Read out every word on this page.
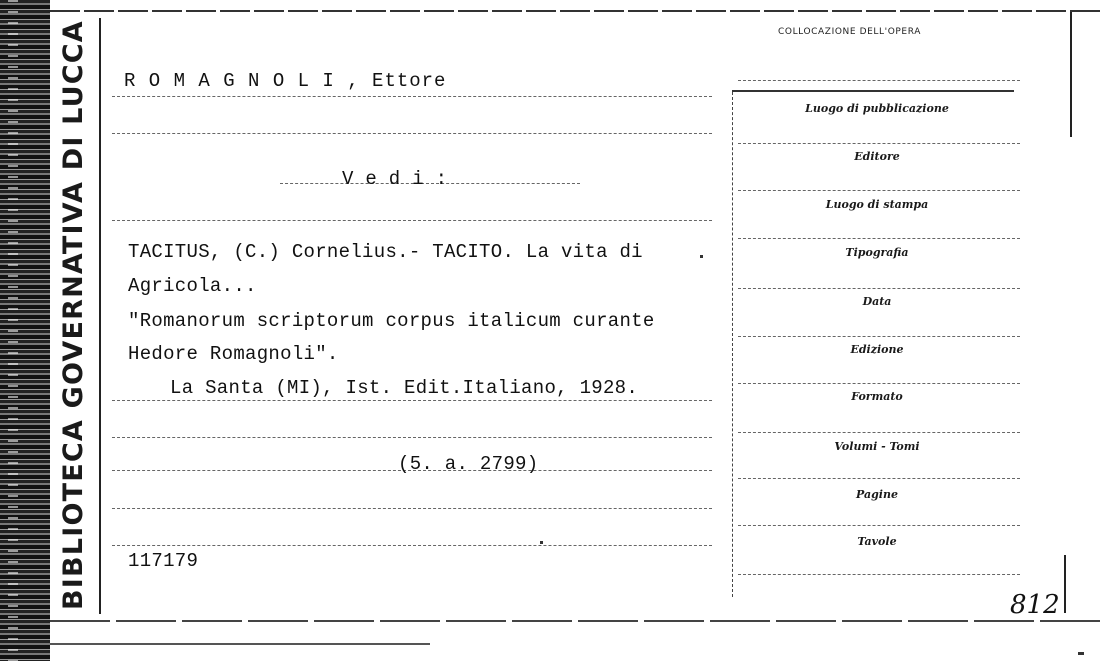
BIBLIOTECA GOVERNATIVA DI LUCCA R O M A G N O L I , Ettore
V e d i :
TACITUS, (C.) Cornelius.- TACITO. La vita di
Agricola...
"Romanorum scriptorum corpus italicum curante
Hedore Romagnoli".
La Santa (MI), Ist. Edit.Italiano, 1928.
(5. a. 2799)
117179
COLLOCAZIONE DELL'OPERA
Luogo di pubblicazione
Editore
Luogo di stampa
Tipografia
Data
Edizione
Formato
Volumi - Tomi
Pagine
Tavole
812
